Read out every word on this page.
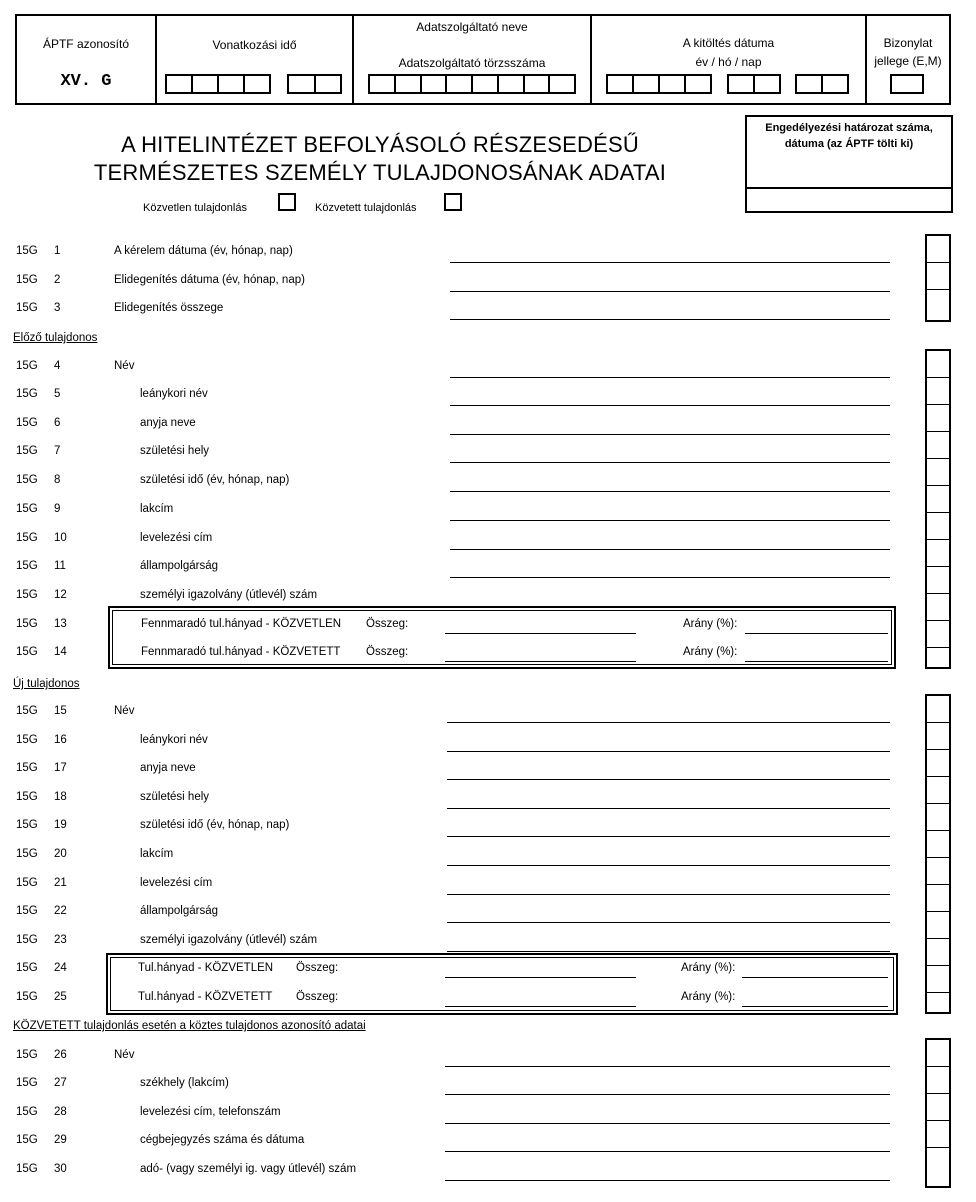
ÁPTF azonosító
XV. G
Vonatkozási idő
Adatszolgáltató neve
Adatszolgáltató törzsszáma
A kitöltés dátuma
év / hó / nap
Bizonylat
jellege (E,M)
A HITELINTÉZET BEFOLYÁSOLÓ RÉSZESEDÉSŰ
TERMÉSZETES SZEMÉLY TULAJDONOSÁNAK ADATAI
Engedélyezési határozat száma,
dátuma (az ÁPTF tölti ki)
Közvetlen tulajdonlás	Közvetett tulajdonlás
Előző tulajdonos
Új tulajdonos
KÖZVETETT tulajdonlás esetén a köztes tulajdonos azonosító adatai
15G 1	A kérelem dátuma (év, hónap, nap)
15G 2	Elidegenítés dátuma (év, hónap, nap)
15G 3	Elidegenítés összege
15G 4	Név
15G 5	leánykori név
15G 6	anyja neve
15G 7	születési hely
15G 8	születési idő (év, hónap, nap)
15G 9	lakcím
15G 10	levelezési cím
15G 11	állampolgárság
15G 12	személyi igazolvány (útlevél) szám
15G 13	Fennmaradó tul.hányad - KÖZVETLEN Összeg:	Arány (%):
15G 14	Fennmaradó tul.hányad - KÖZVETETT Összeg:	Arány (%):
15G 15	Név
15G 16	leánykori név
15G 17	anyja neve
15G 18	születési hely
15G 19	születési idő (év, hónap, nap)
15G 20	lakcím
15G 21	levelezési cím
15G 22	állampolgárság
15G 23	személyi igazolvány (útlevél) szám
15G 24	Tul.hányad - KÖZVETLEN Összeg:	Arány (%):
15G 25	Tul.hányad - KÖZVETETT Összeg:	Arány (%):
15G 26	Név
15G 27	székhely (lakcím)
15G 28	levelezési cím, telefonszám
15G 29	cégbejegyzés száma és dátuma
15G 30	adó- (vagy személyi ig. vagy útlevél) szám
